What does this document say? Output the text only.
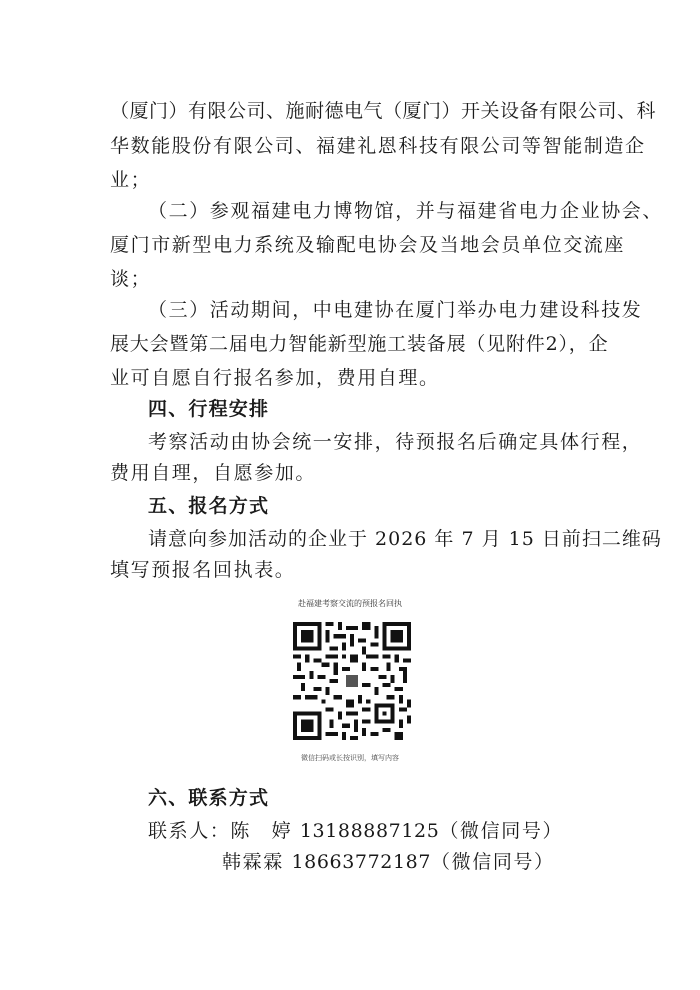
（厦门）有限公司、施耐德电气（厦门）开关设备有限公司、科
华数能股份有限公司、福建礼恩科技有限公司等智能制造企
业；
（二）参观福建电力博物馆，并与福建省电力企业协会、
厦门市新型电力系统及输配电协会及当地会员单位交流座
谈；
（三）活动期间，中电建协在厦门举办电力建设科技发
展大会暨第二届电力智能新型施工装备展（见附件2），企
业可自愿自行报名参加，费用自理。
四、行程安排
考察活动由协会统一安排，待预报名后确定具体行程，
费用自理，自愿参加。
五、报名方式
请意向参加活动的企业于 2026 年 7 月 15 日前扫二维码
填写预报名回执表。
赴福建考察交流的预报名回执
微信扫码或长按识别，填写内容
六、联系方式
联系人：陈　婷 13188887125（微信同号）
韩霖霖 18663772187（微信同号）
